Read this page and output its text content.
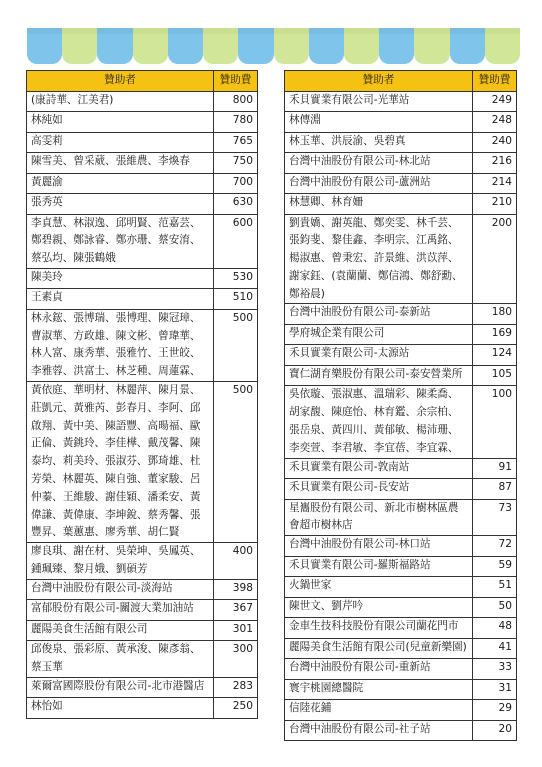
贊助者	贊助費
(康詩華、江美君)	800
林純如	780
高雯莉	765
陳雪美、曾采葳、張維農、李煥春	750
黃麗渝	700
張秀英	630
李貞慧、林淑逸、邱明賢、范嘉芸、鄭碧親、鄭詠睿、鄭亦珊、蔡安淯、蔡弘均、陳張鶴娥	600
陳美玲	530
王素貞	510
林永鋐、張博瑞、張博理、陳冠璋、曹淑華、方政雄、陳文彬、曾瑋華、林人富、康秀華、張雅竹、王世皎、李雅蓉、洪富士、林芝種、周蓮霖、	500
黃依庭、華明材、林麗萍、陳月景、莊凱元、黃雅芮、彭春月、李阿、邱啟翔、黃中美、陳語豐、高暘福、歐正倫、黃銚玲、李佳樺、戴茂馨、陳泰均、莉美玲、張淑芬、鄧琦雄、杜芳榮、林麗英、陳自強、董家駿、呂仲蓁、王維駿、謝佳穎、潘柔安、黃偉謙、黃偉康、李坤銳、蔡秀馨、張豐昇、葉蕙惠、廖秀華、胡仁賢	500
廖良琪、謝在材、吳榮坤、吳鳳英、鍾珮臻、黎月娥、劉碩芳	400
台灣中油股份有限公司-淡海站	398
富郁股份有限公司-關渡大業加油站	367
麗陽美食生活館有限公司	301
邱俊泉、張彩原、黃承浚、陳彥翁、蔡玉華	300
萊爾富國際股份有限公司-北市港醫店	283
林怡如	250
贊助者	贊助費
禾貝實業有限公司-光華站	249
林傳淵	248
林玉華、洪辰渝、吳碧真	240
台灣中油股份有限公司-林北站	216
台灣中油股份有限公司-蘆洲站	214
林慧卿、林育姍	210
劉貴嬌、謝英龍、鄭奕雯、林千芸、張鈞斐、黎佳鑫、李明宗、江禹銘、楊淑惠、曾秉宏、許景維、洪苡萍、謝家鈺、(袁蘭蘭、鄭信鴻、鄭舒勳、鄭裕晨)	200
台灣中油股份有限公司-泰新站	180
學府城企業有限公司	169
禾貝實業有限公司-太源站	124
寶仁湖育樂股份有限公司-泰安營業所	105
吳依璇、張淑惠、溫瑞彩、陳柔喬、胡家馥、陳庭怡、林育鑑、余宗柏、張岳泉、黃四川、黃郁敏、楊沛珊、李奕萱、李君敏、李宜蓓、李宜霖、	100
禾貝實業有限公司-敦南站	91
禾貝實業有限公司-長安站	87
星巂股份有限公司、新北市樹林區農會超市樹林店	73
台灣中油股份有限公司-林口站	72
禾貝實業有限公司-羅斯福路站	59
火鍋世家	51
陳世文、劉芹吟	50
金車生技科技股份有限公司蘭花門市	48
麗陽美食生活館有限公司(兒童新樂園)	41
台灣中油股份有限公司-重新站	33
寰宇桃園總醫院	31
信陸花鋪	29
台灣中油股份有限公司-社子站	20
